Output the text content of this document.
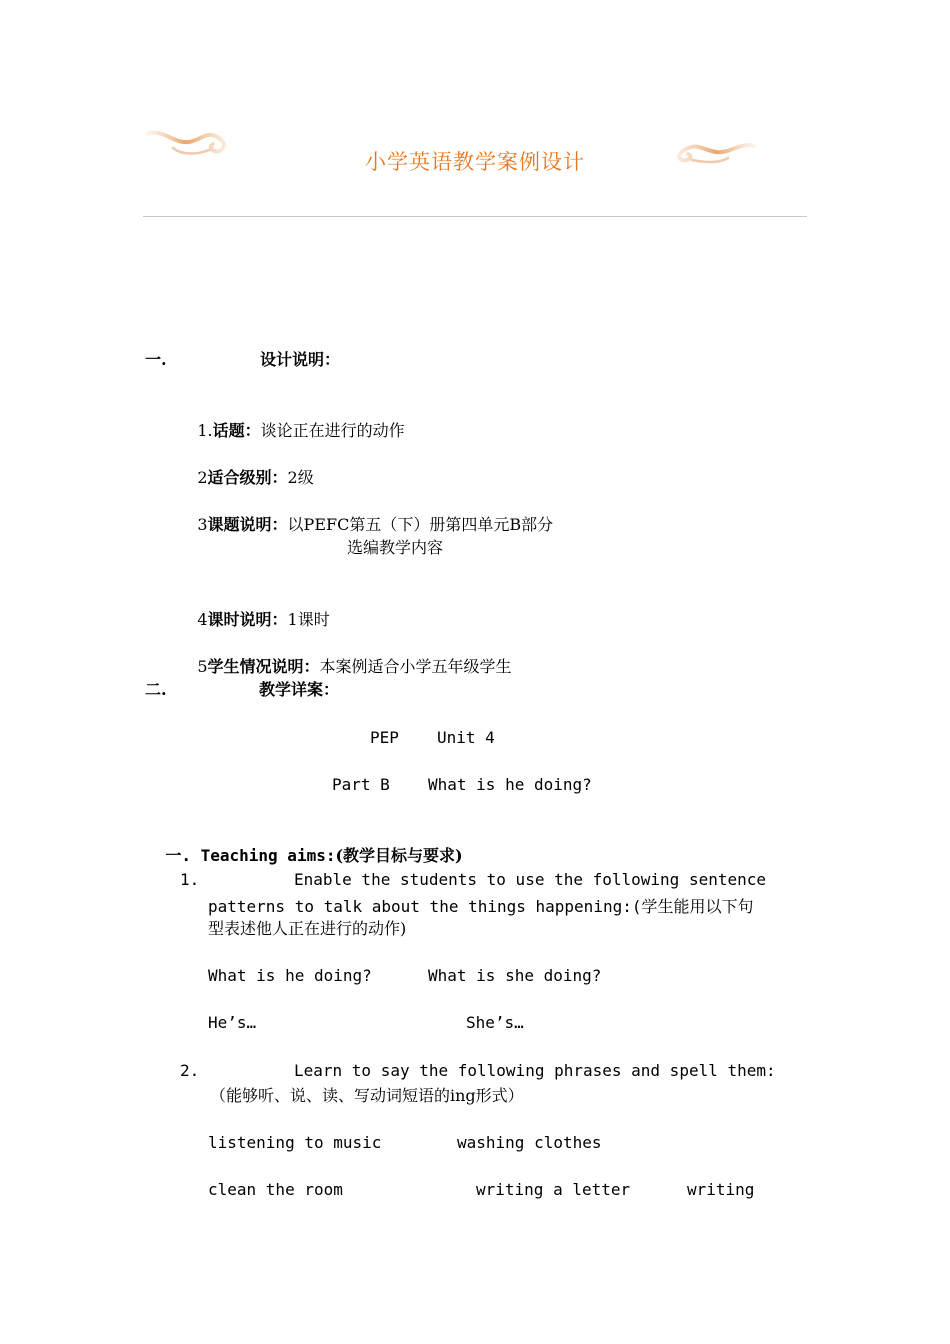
小学英语教学案例设计
一.	设计说明：

1.话题：谈论正在进行的动作

2适合级别：2级

3课题说明：以PEFC第五（下）册第四单元B部分

选编教学内容

4课时说明：1课时

5学生情况说明：本案例适合小学五年级学生

二.	教学详案：
PEP Unit 4
Part B What is he doing?

一. Teaching aims:(教学目标与要求)

1.	Enable the students to use the following sentence
patterns to talk about the things happening:(学生能用以下句
型表述他人正在进行的动作)
What is he doing?	What is she doing?
He’s…	She’s…
2.	Learn to say the following phrases and spell them:
（能够听、说、读、写动词短语的ing形式）
listening to music	washing clothes
clean the room	writing a letter	writing
